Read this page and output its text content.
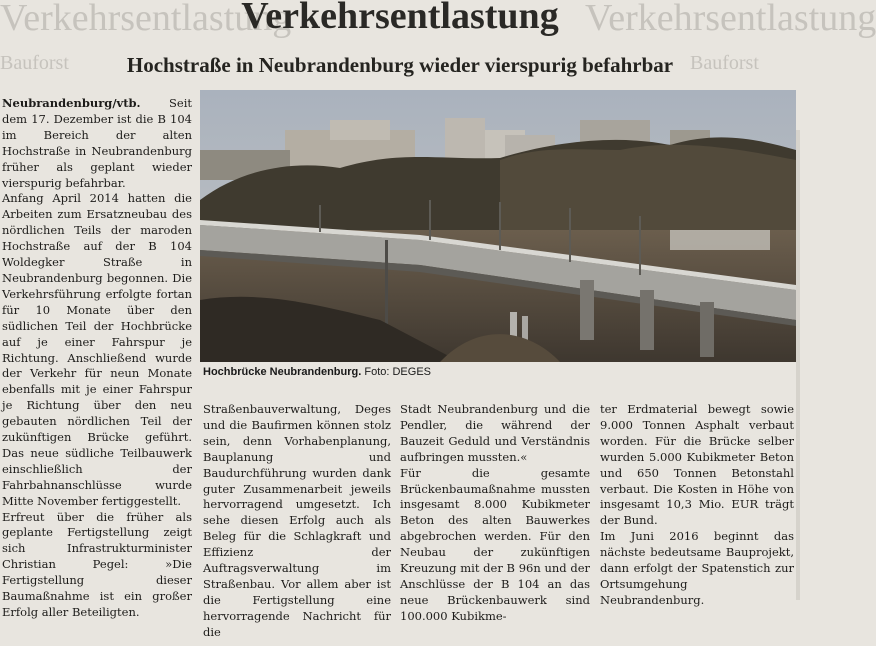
Verkehrsentlastung	Verkehrsentlastung
Bauforst	Bauforst
Verkehrsentlastung
Hochstraße in Neubrandenburg wieder vierspurig befahrbar

Neubrandenburg/vtb. Seit dem 17. Dezember ist die B 104 im Bereich der alten Hochstraße in Neubrandenburg früher als geplant wieder vierspurig befahrbar.

Anfang April 2014 hatten die Arbeiten zum Ersatzneubau des nördlichen Teils der maroden Hochstraße auf der B 104 Woldegker Straße in Neubrandenburg begonnen. Die Verkehrsführung erfolgte fortan für 10 Monate über den südlichen Teil der Hochbrücke auf je einer Fahrspur je Richtung. Anschließend wurde der Verkehr für neun Monate ebenfalls mit je einer Fahrspur je Richtung über den neu gebauten nördlichen Teil der zukünftigen Brücke geführt. Das neue südliche Teilbauwerk einschließlich der Fahrbahnanschlüsse wurde Mitte November fertiggestellt.

Erfreut über die früher als geplante Fertigstellung zeigt sich Infrastrukturminister Christian Pegel: »Die Fertigstellung dieser Baumaßnahme ist ein großer Erfolg aller Beteiligten.

Hochbrücke Neubrandenburg. Foto: DEGES

Straßenbauverwaltung, Deges und die Baufirmen können stolz sein, denn Vorhabenplanung, Bauplanung und Baudurchführung wurden dank guter Zusammenarbeit jeweils hervorragend umgesetzt. Ich sehe diesen Erfolg auch als Beleg für die Schlagkraft und Effizienz der Auftragsverwaltung im Straßenbau. Vor allem aber ist die Fertigstellung eine hervorragende Nachricht für die

Stadt Neubrandenburg und die Pendler, die während der Bauzeit Geduld und Verständnis aufbringen mussten.«

Für die gesamte Brückenbaumaßnahme mussten insgesamt 8.000 Kubikmeter Beton des alten Bauwerkes abgebrochen werden. Für den Neubau der zukünftigen Kreuzung mit der B 96n und der Anschlüsse der B 104 an das neue Brückenbauwerk sind 100.000 Kubikme-

ter Erdmaterial bewegt sowie 9.000 Tonnen Asphalt verbaut worden. Für die Brücke selber wurden 5.000 Kubikmeter Beton und 650 Tonnen Betonstahl verbaut. Die Kosten in Höhe von insgesamt 10,3 Mio. EUR trägt der Bund.

Im Juni 2016 beginnt das nächste bedeutsame Bauprojekt, dann erfolgt der Spatenstich zur Ortsumgehung Neubrandenburg.
